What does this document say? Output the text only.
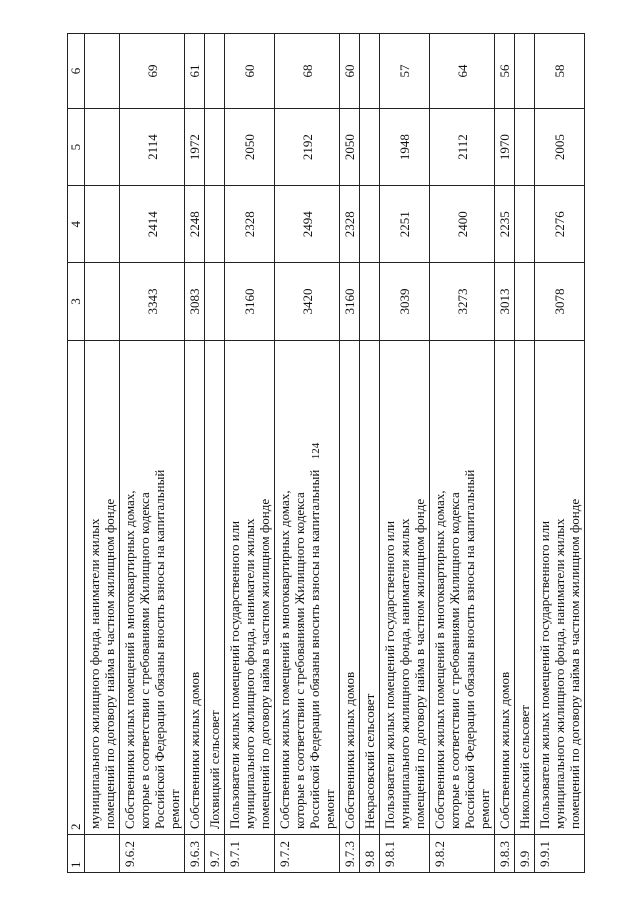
124
1	2	3	4	5	6
	муниципального жилищного фонда, наниматели жилых
помещений по договору найма в частном жилищном фонде				
9.6.2	Собственники жилых помещений в многоквартирных домах,
которые в соответствии с требованиями Жилищного кодекса
Российской Федерации обязаны вносить взносы на капитальный
ремонт	3343	2414	2114	69
9.6.3	Собственники жилых домов	3083	2248	1972	61
9.7	Лохвицкий сельсовет				
9.7.1	Пользователи жилых помещений государственного или
муниципального жилищного фонда, наниматели жилых
помещений по договору найма в частном жилищном фонде	3160	2328	2050	60
9.7.2	Собственники жилых помещений в многоквартирных домах,
которые в соответствии с требованиями Жилищного кодекса
Российской Федерации обязаны вносить взносы на капитальный
ремонт	3420	2494	2192	68
9.7.3	Собственники жилых домов	3160	2328	2050	60
9.8	Некрасовский сельсовет				
9.8.1	Пользователи жилых помещений государственного или
муниципального жилищного фонда, наниматели жилых
помещений по договору найма в частном жилищном фонде	3039	2251	1948	57
9.8.2	Собственники жилых помещений в многоквартирных домах,
которые в соответствии с требованиями Жилищного кодекса
Российской Федерации обязаны вносить взносы на капитальный
ремонт	3273	2400	2112	64
9.8.3	Собственники жилых домов	3013	2235	1970	56
9.9	Никольский сельсовет				
9.9.1	Пользователи жилых помещений государственного или
муниципального жилищного фонда, наниматели жилых
помещений по договору найма в частном жилищном фонде	3078	2276	2005	58
